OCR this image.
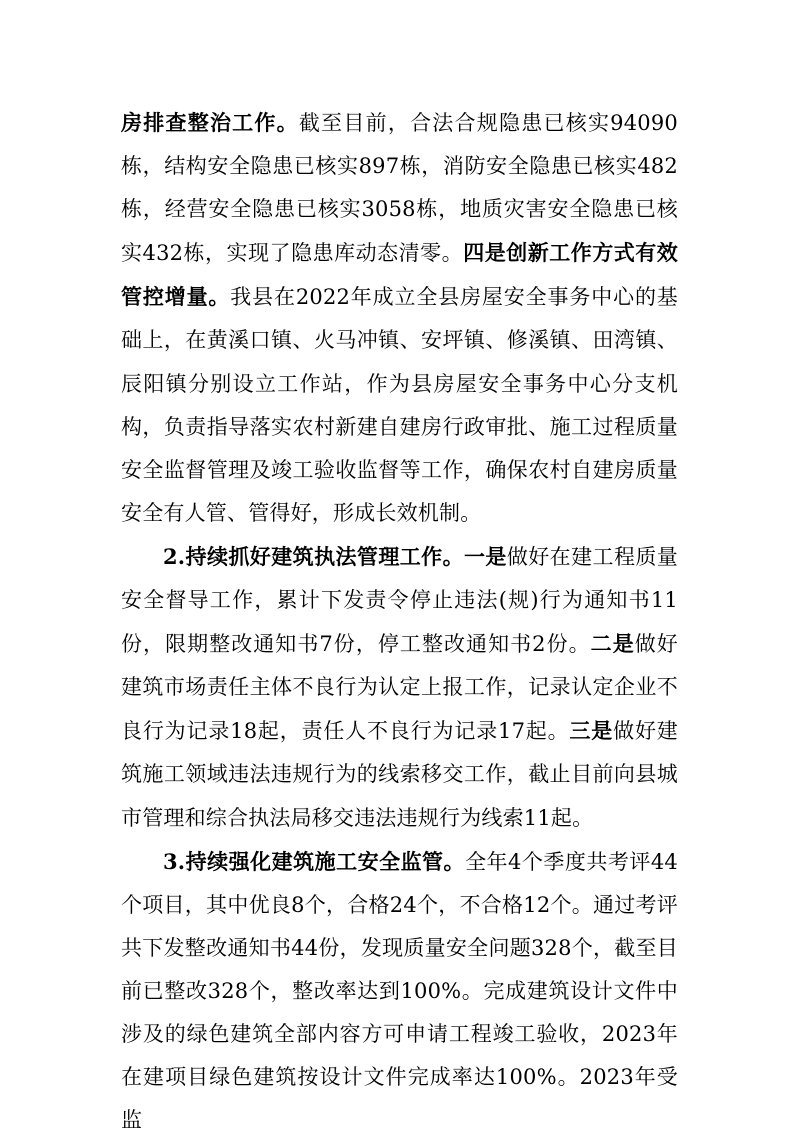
房排查整治工作。截至目前，合法合规隐患已核实94090栋，结构安全隐患已核实897栋，消防安全隐患已核实482栋，经营安全隐患已核实3058栋，地质灾害安全隐患已核实432栋，实现了隐患库动态清零。四是创新工作方式有效管控增量。我县在2022年成立全县房屋安全事务中心的基础上，在黄溪口镇、火马冲镇、安坪镇、修溪镇、田湾镇、辰阳镇分别设立工作站，作为县房屋安全事务中心分支机构，负责指导落实农村新建自建房行政审批、施工过程质量安全监督管理及竣工验收监督等工作，确保农村自建房质量安全有人管、管得好，形成长效机制。

2.持续抓好建筑执法管理工作。一是做好在建工程质量安全督导工作，累计下发责令停止违法(规)行为通知书11份，限期整改通知书7份，停工整改通知书2份。二是做好建筑市场责任主体不良行为认定上报工作，记录认定企业不良行为记录18起，责任人不良行为记录17起。三是做好建筑施工领域违法违规行为的线索移交工作，截止目前向县城市管理和综合执法局移交违法违规行为线索11起。

3.持续强化建筑施工安全监管。全年4个季度共考评44个项目，其中优良8个，合格24个，不合格12个。通过考评共下发整改通知书44份，发现质量安全问题328个，截至目前已整改328个，整改率达到100%。完成建筑设计文件中涉及的绿色建筑全部内容方可申请工程竣工验收，2023年在建项目绿色建筑按设计文件完成率达100%。2023年受监
